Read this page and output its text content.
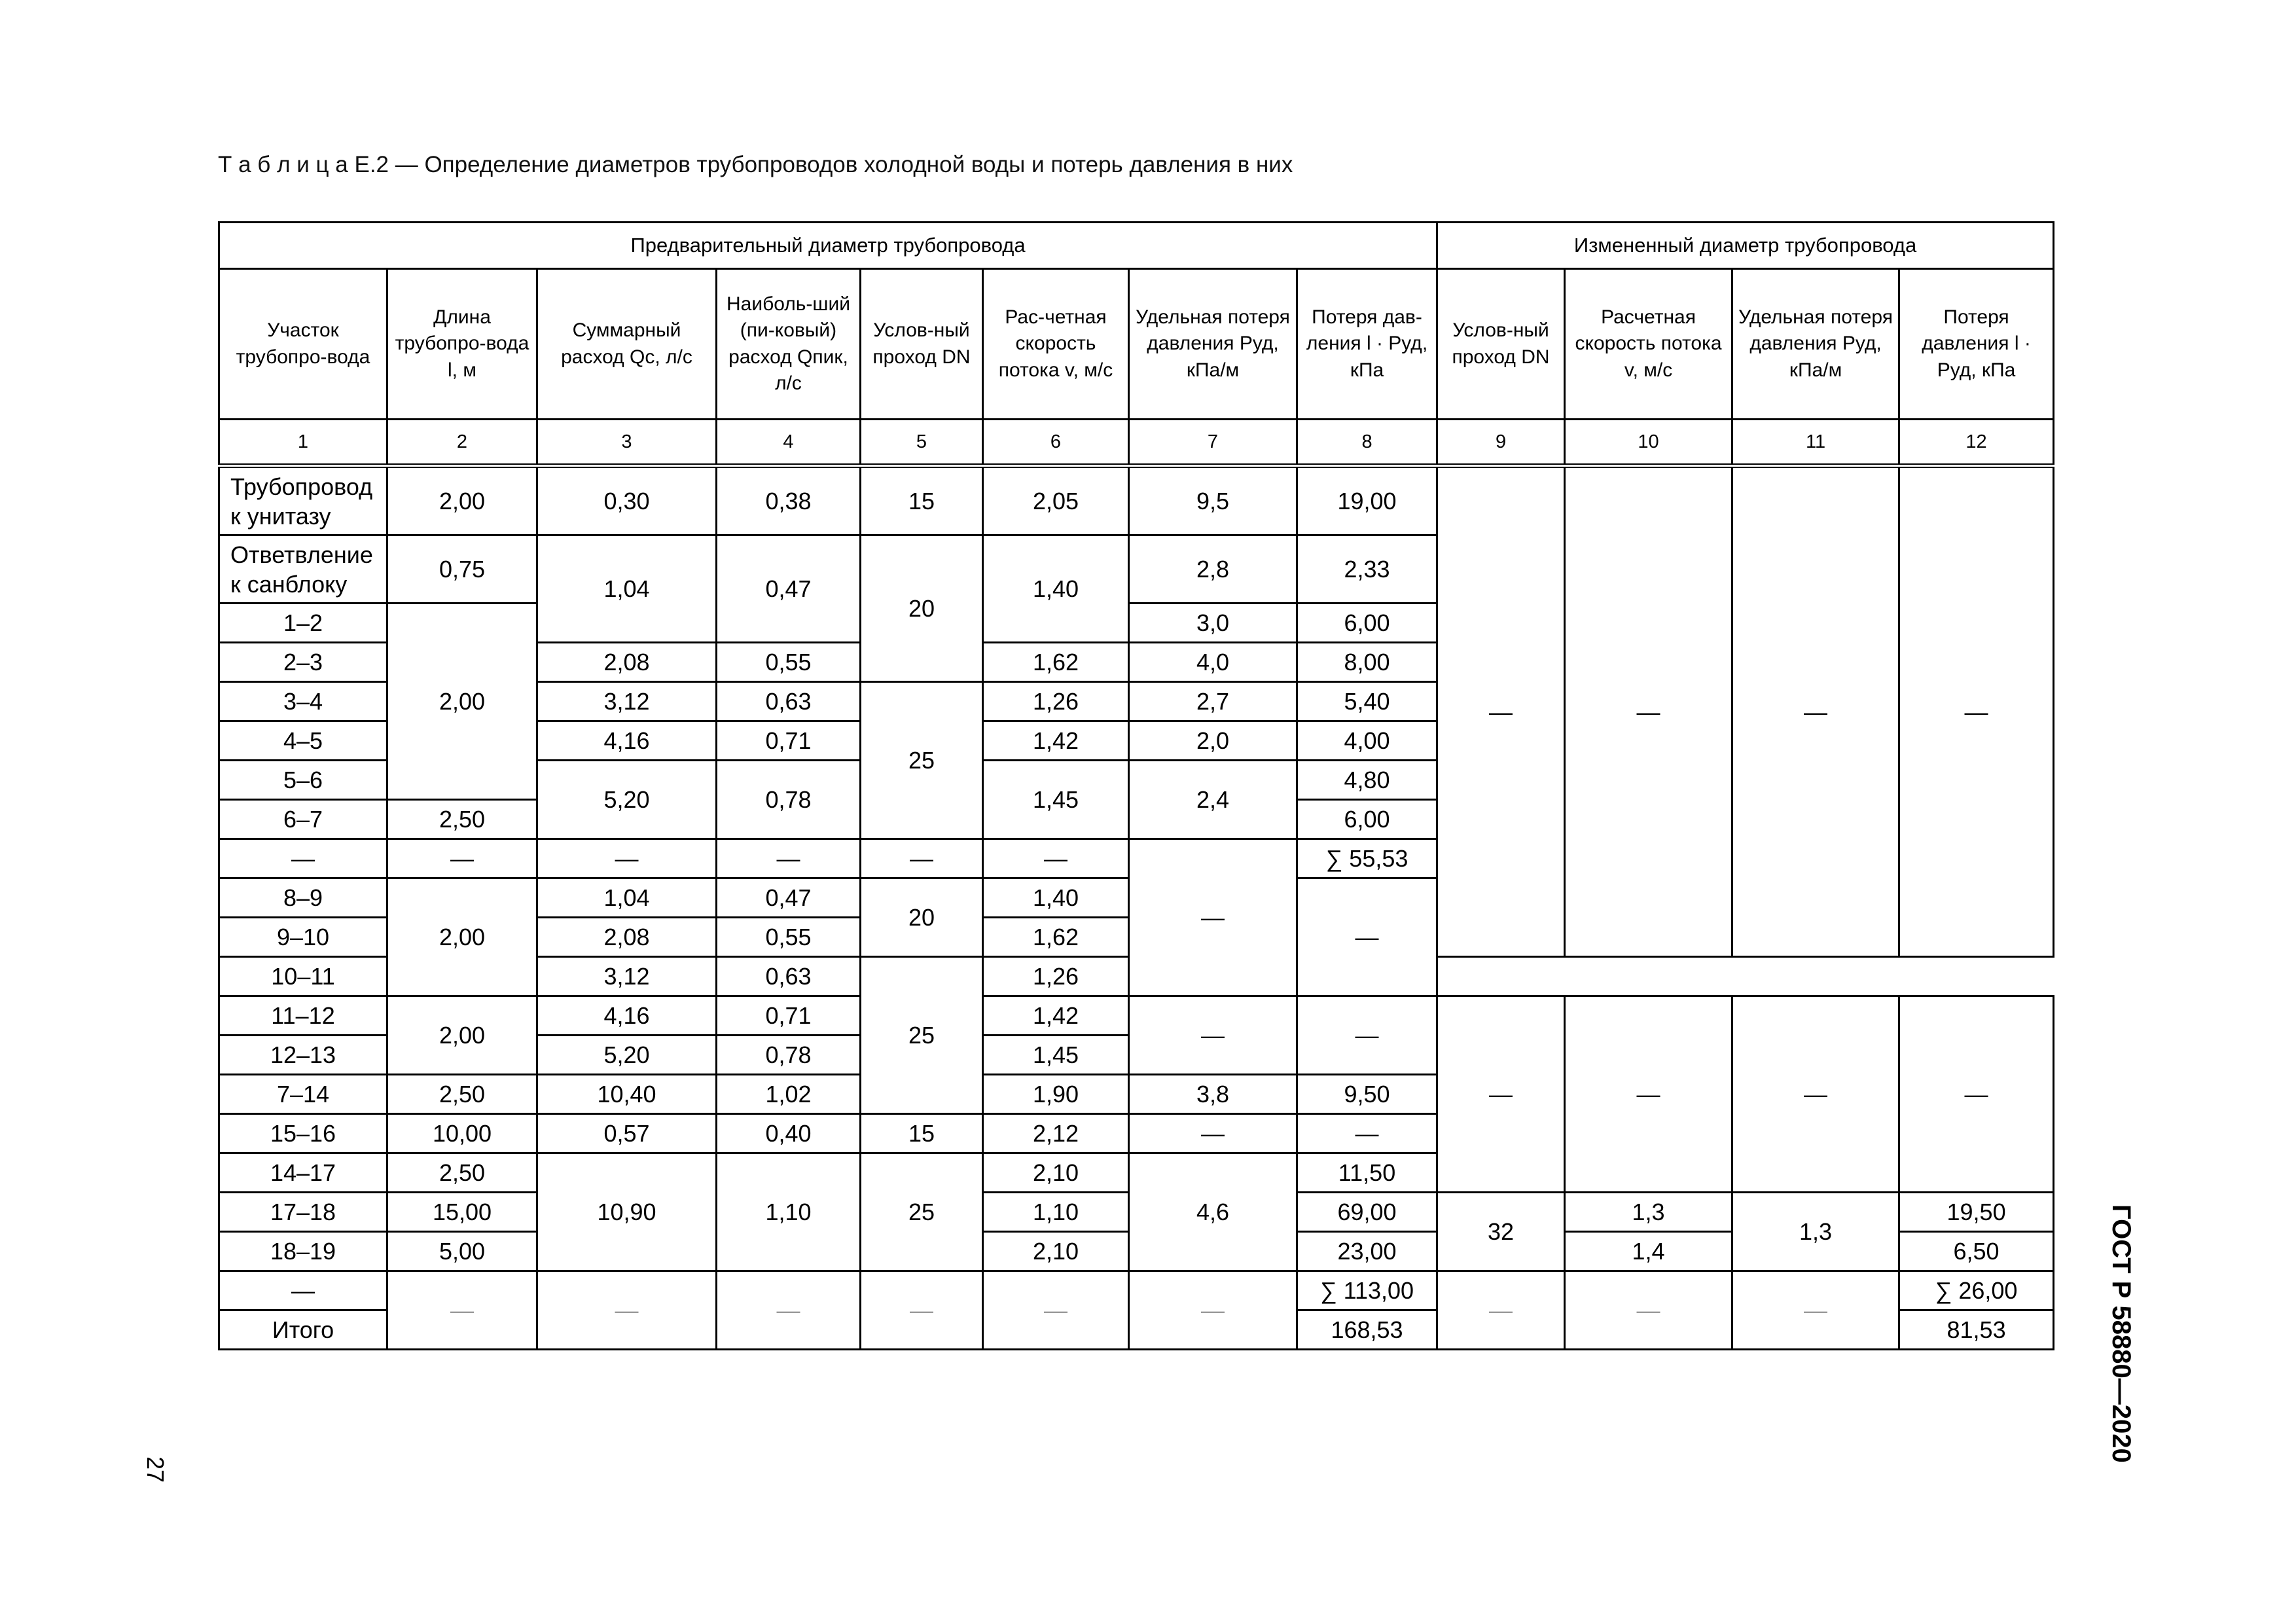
Т а б л и ц а Е.2 — Определение диаметров трубопроводов холодной воды и потерь давления в них
Предварительный диаметр трубопровода								Измененный диаметр трубопровода			
Участок трубопро-вода	Длина трубопро-вода l, м	Суммарный расход Qс, л/с	Наиболь-ший (пи-ковый) расход Qпик, л/с	Услов-ный проход DN	Рас-четная скорость потока v, м/с	Удельная потеря давления Pуд, кПа/м	Потеря дав-ления l · Pуд, кПа	Услов-ный проход DN	Расчетная скорость потока v, м/с	Удельная потеря давления Pуд, кПа/м	Потеря давления l · Pуд, кПа
1	2	3	4	5	6	7	8	9	10	11	12
Трубопровод к унитазу	2,00	0,30	0,38	15	2,05	9,5	19,00	—	—	—	—
Ответвление к санблоку	0,75	1,04	0,47	20	1,40	2,8	2,33				
1–2	2,00					3,0	6,00				
2–3		2,08	0,55		1,62	4,0	8,00				
3–4		3,12	0,63	25	1,26	2,7	5,40				
4–5		4,16	0,71		1,42	2,0	4,00				
5–6		5,20	0,78		1,45	2,4	4,80				
6–7	2,50						6,00				
—	—	—	—	—	—	—	∑ 55,53				
8–9	2,00	1,04	0,47	20	1,40		—				
9–10		2,08	0,55		1,62						
10–11		3,12	0,63	25	1,26						
11–12	2,00	4,16	0,71		1,42	—	—	—	—	—	—
12–13		5,20	0,78		1,45						
7–14	2,50	10,40	1,02		1,90	3,8	9,50				
15–16	10,00	0,57	0,40	15	2,12	—	—				
14–17	2,50	10,90	1,10	25	2,10	4,6	11,50				
17–18	15,00				1,10		69,00	32	1,3	1,3	19,50
18–19	5,00				2,10		23,00		1,4		6,50
—	—	—	—	—	—	—	∑ 113,00	—	—	—	∑ 26,00
Итого							168,53				81,53
27
ГОСТ Р 58880—2020
